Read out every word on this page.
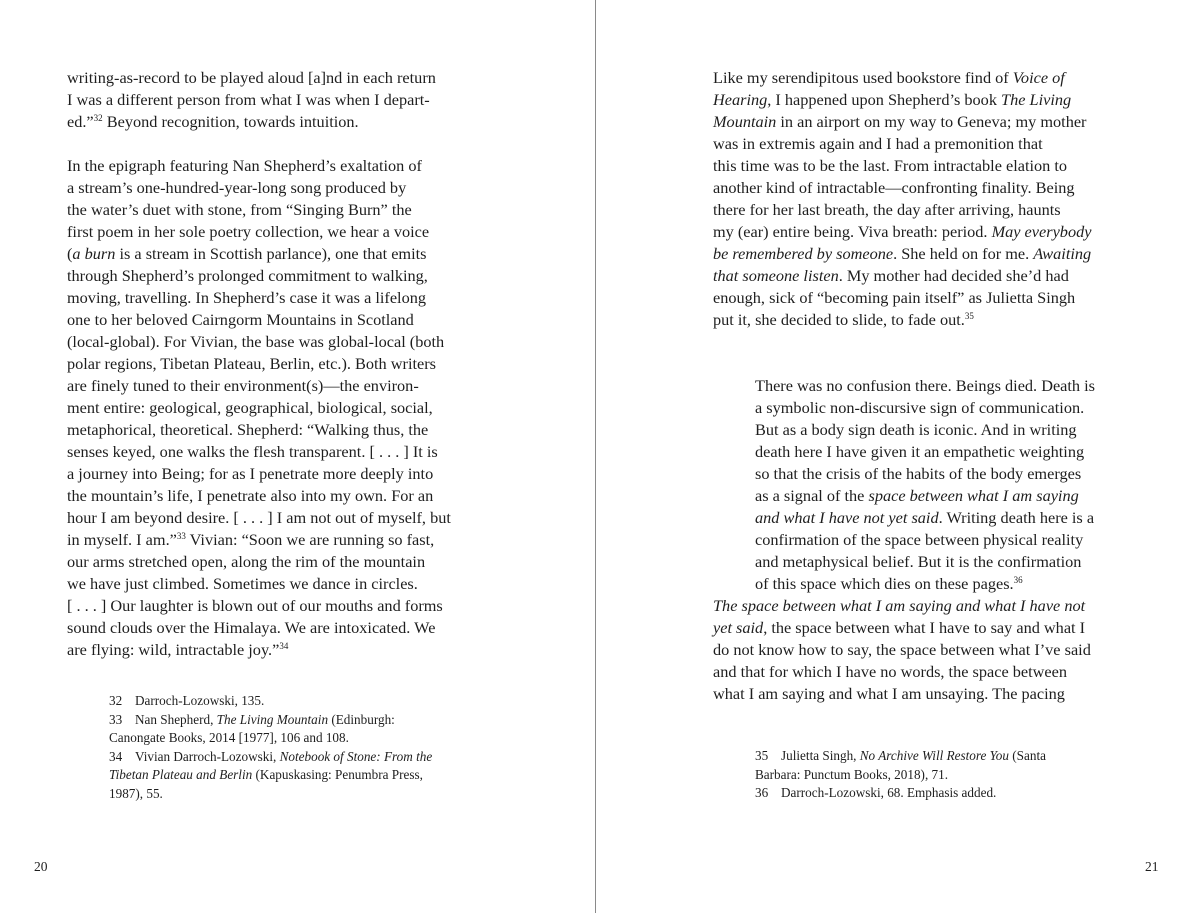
writing-as-record to be played aloud [a]nd in each return
I was a different person from what I was when I depart-
ed.”$^{32}$ Beyond recognition, towards intuition.
In the epigraph featuring Nan Shepherd’s exaltation of
a stream’s one-hundred-year-long song produced by
the water’s duet with stone, from “Singing Burn” the
first poem in her sole poetry collection, we hear a voice
(a burn is a stream in Scottish parlance), one that emits
through Shepherd’s prolonged commitment to walking,
moving, travelling. In Shepherd’s case it was a lifelong
one to her beloved Cairngorm Mountains in Scotland
(local-global). For Vivian, the base was global-local (both
polar regions, Tibetan Plateau, Berlin, etc.). Both writers
are finely tuned to their environment(s)—the environ-
ment entire: geological, geographical, biological, social,
metaphorical, theoretical. Shepherd: “Walking thus, the
senses keyed, one walks the flesh transparent. [ . . . ] It is
a journey into Being; for as I penetrate more deeply into
the mountain’s life, I penetrate also into my own. For an
hour I am beyond desire. [ . . . ] I am not out of myself, but
in myself. I am.”$^{33}$ Vivian: “Soon we are running so fast,
our arms stretched open, along the rim of the mountain
we have just climbed. Sometimes we dance in circles.
[ . . . ] Our laughter is blown out of our mouths and forms
sound clouds over the Himalaya. We are intoxicated. We
are flying: wild, intractable joy.”$^{34}$
32 Darroch-Lozowski, 135.
33 Nan Shepherd, The Living Mountain (Edinburgh:
Canongate Books, 2014 [1977], 106 and 108.
34 Vivian Darroch-Lozowski, Notebook of Stone: From the
Tibetan Plateau and Berlin (Kapuskasing: Penumbra Press,
1987), 55.
20
Like my serendipitous used bookstore find of Voice of
Hearing, I happened upon Shepherd’s book The Living
Mountain in an airport on my way to Geneva; my mother
was in extremis again and I had a premonition that
this time was to be the last. From intractable elation to
another kind of intractable—confronting finality. Being
there for her last breath, the day after arriving, haunts
my (ear) entire being. Viva breath: period. May everybody
be remembered by someone. She held on for me. Awaiting
that someone listen. My mother had decided she’d had
enough, sick of “becoming pain itself” as Julietta Singh
put it, she decided to slide, to fade out.$^{35}$
There was no confusion there. Beings died. Death is
a symbolic non-discursive sign of communication.
But as a body sign death is iconic. And in writing
death here I have given it an empathetic weighting
so that the crisis of the habits of the body emerges
as a signal of the space between what I am saying
and what I have not yet said. Writing death here is a
confirmation of the space between physical reality
and metaphysical belief. But it is the confirmation
of this space which dies on these pages.$^{36}$
The space between what I am saying and what I have not
yet said, the space between what I have to say and what I
do not know how to say, the space between what I’ve said
and that for which I have no words, the space between
what I am saying and what I am unsaying. The pacing
35 Julietta Singh, No Archive Will Restore You (Santa
Barbara: Punctum Books, 2018), 71.
36 Darroch-Lozowski, 68. Emphasis added.
21
